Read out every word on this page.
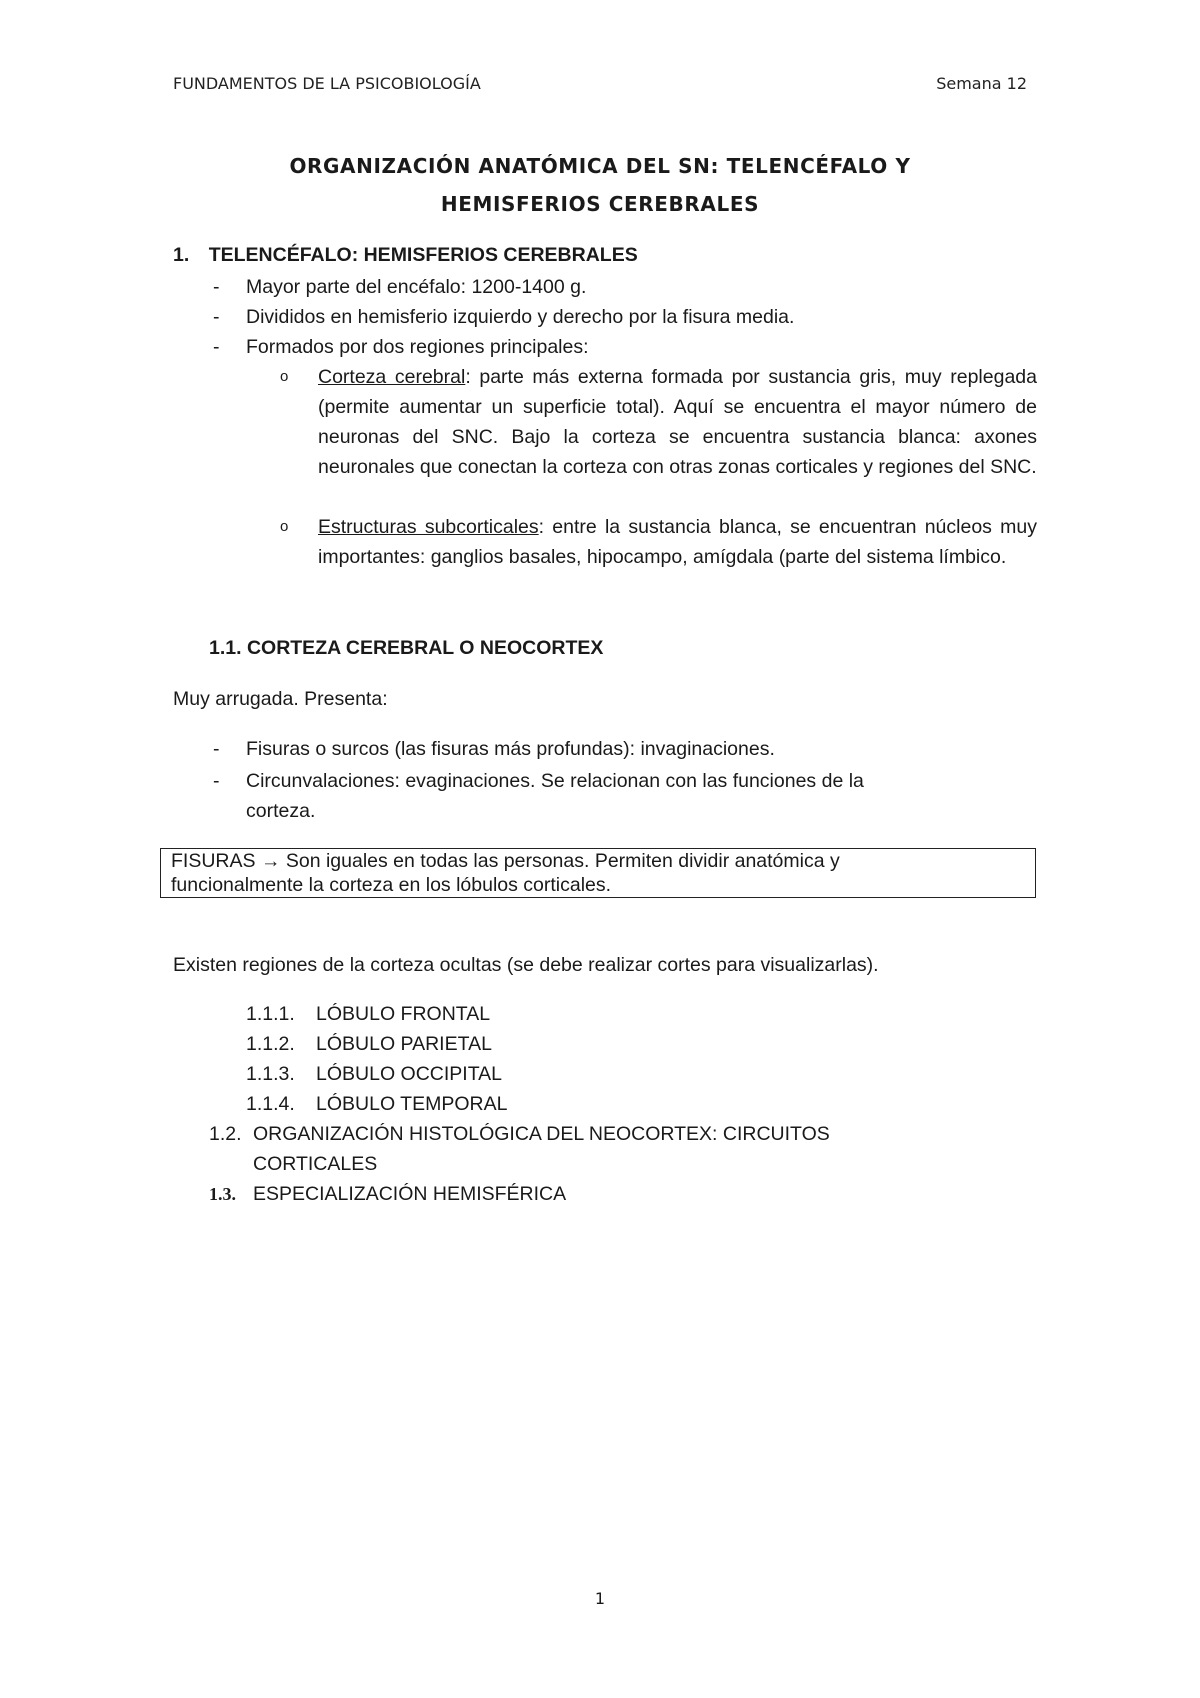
FUNDAMENTOS DE LA PSICOBIOLOGÍA	Semana 12
ORGANIZACIÓN ANATÓMICA DEL SN: TELENCÉFALO Y
HEMISFERIOS CEREBRALES
1. TELENCÉFALO: HEMISFERIOS CEREBRALES
- Mayor parte del encéfalo: 1200-1400 g.
- Divididos en hemisferio izquierdo y derecho por la fisura media.
- Formados por dos regiones principales:
o Corteza cerebral: parte más externa formada por sustancia gris, muy replegada (permite aumentar un superficie total). Aquí se encuentra el mayor número de neuronas del SNC. Bajo la corteza se encuentra sustancia blanca: axones neuronales que conectan la corteza con otras zonas corticales y regiones del SNC.
o Estructuras subcorticales: entre la sustancia blanca, se encuentran núcleos muy importantes: ganglios basales, hipocampo, amígdala (parte del sistema límbico.
1.1. CORTEZA CEREBRAL O NEOCORTEX
Muy arrugada. Presenta:
- Fisuras o surcos (las fisuras más profundas): invaginaciones.
- Circunvalaciones: evaginaciones. Se relacionan con las funciones de la
corteza.
FISURAS → Son iguales en todas las personas. Permiten dividir anatómica y
funcionalmente la corteza en los lóbulos corticales.
Existen regiones de la corteza ocultas (se debe realizar cortes para visualizarlas).
1.1.1. LÓBULO FRONTAL
1.1.2. LÓBULO PARIETAL
1.1.3. LÓBULO OCCIPITAL
1.1.4. LÓBULO TEMPORAL
1.2. ORGANIZACIÓN HISTOLÓGICA DEL NEOCORTEX: CIRCUITOS
CORTICALES
1.3. ESPECIALIZACIÓN HEMISFÉRICA
1
